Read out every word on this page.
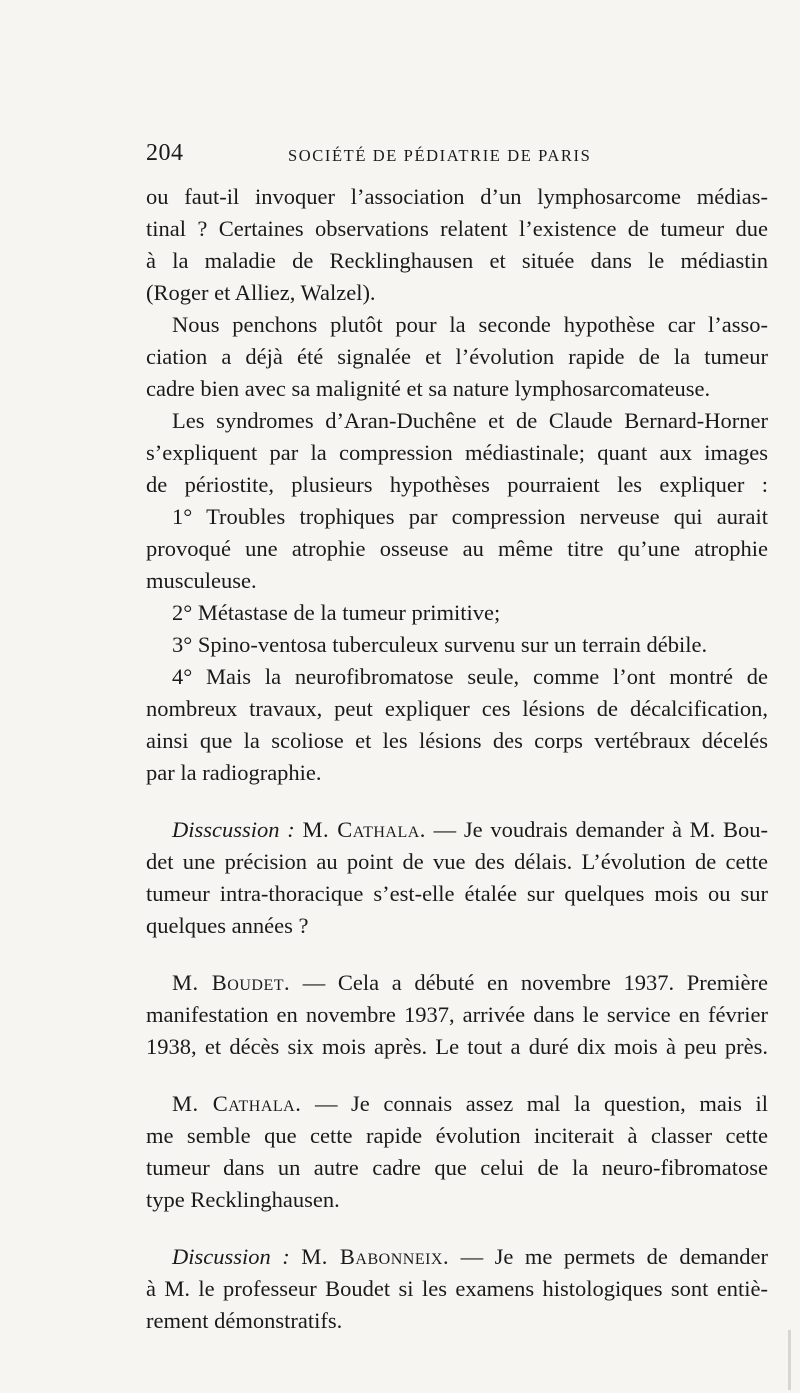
204	SOCIÉTÉ DE PÉDIATRIE DE PARIS
ou faut-il invoquer l’association d’un lymphosarcome médias-
tinal ? Certaines observations relatent l’existence de tumeur due
à la maladie de Recklinghausen et située dans le médiastin
(Roger et Alliez, Walzel).
Nous penchons plutôt pour la seconde hypothèse car l’asso-
ciation a déjà été signalée et l’évolution rapide de la tumeur
cadre bien avec sa malignité et sa nature lymphosarcomateuse.
Les syndromes d’Aran-Duchêne et de Claude Bernard-Horner
s’expliquent par la compression médiastinale; quant aux images
de périostite, plusieurs hypothèses pourraient les expliquer :
1° Troubles trophiques par compression nerveuse qui aurait
provoqué une atrophie osseuse au même titre qu’une atrophie
musculeuse.
2° Métastase de la tumeur primitive;
3° Spino-ventosa tuberculeux survenu sur un terrain débile.
4° Mais la neurofibromatose seule, comme l’ont montré de
nombreux travaux, peut expliquer ces lésions de décalcification,
ainsi que la scoliose et les lésions des corps vertébraux décelés
par la radiographie.
Disscussion : M. Cathala. — Je voudrais demander à M. Bou-
det une précision au point de vue des délais. L’évolution de cette
tumeur intra-thoracique s’est-elle étalée sur quelques mois ou sur
quelques années ?
M. Boudet. — Cela a débuté en novembre 1937. Première
manifestation en novembre 1937, arrivée dans le service en février
1938, et décès six mois après. Le tout a duré dix mois à peu près.
M. Cathala. — Je connais assez mal la question, mais il
me semble que cette rapide évolution inciterait à classer cette
tumeur dans un autre cadre que celui de la neuro-fibromatose
type Recklinghausen.
Discussion : M. Babonneix. — Je me permets de demander
à M. le professeur Boudet si les examens histologiques sont entiè-
rement démonstratifs.
